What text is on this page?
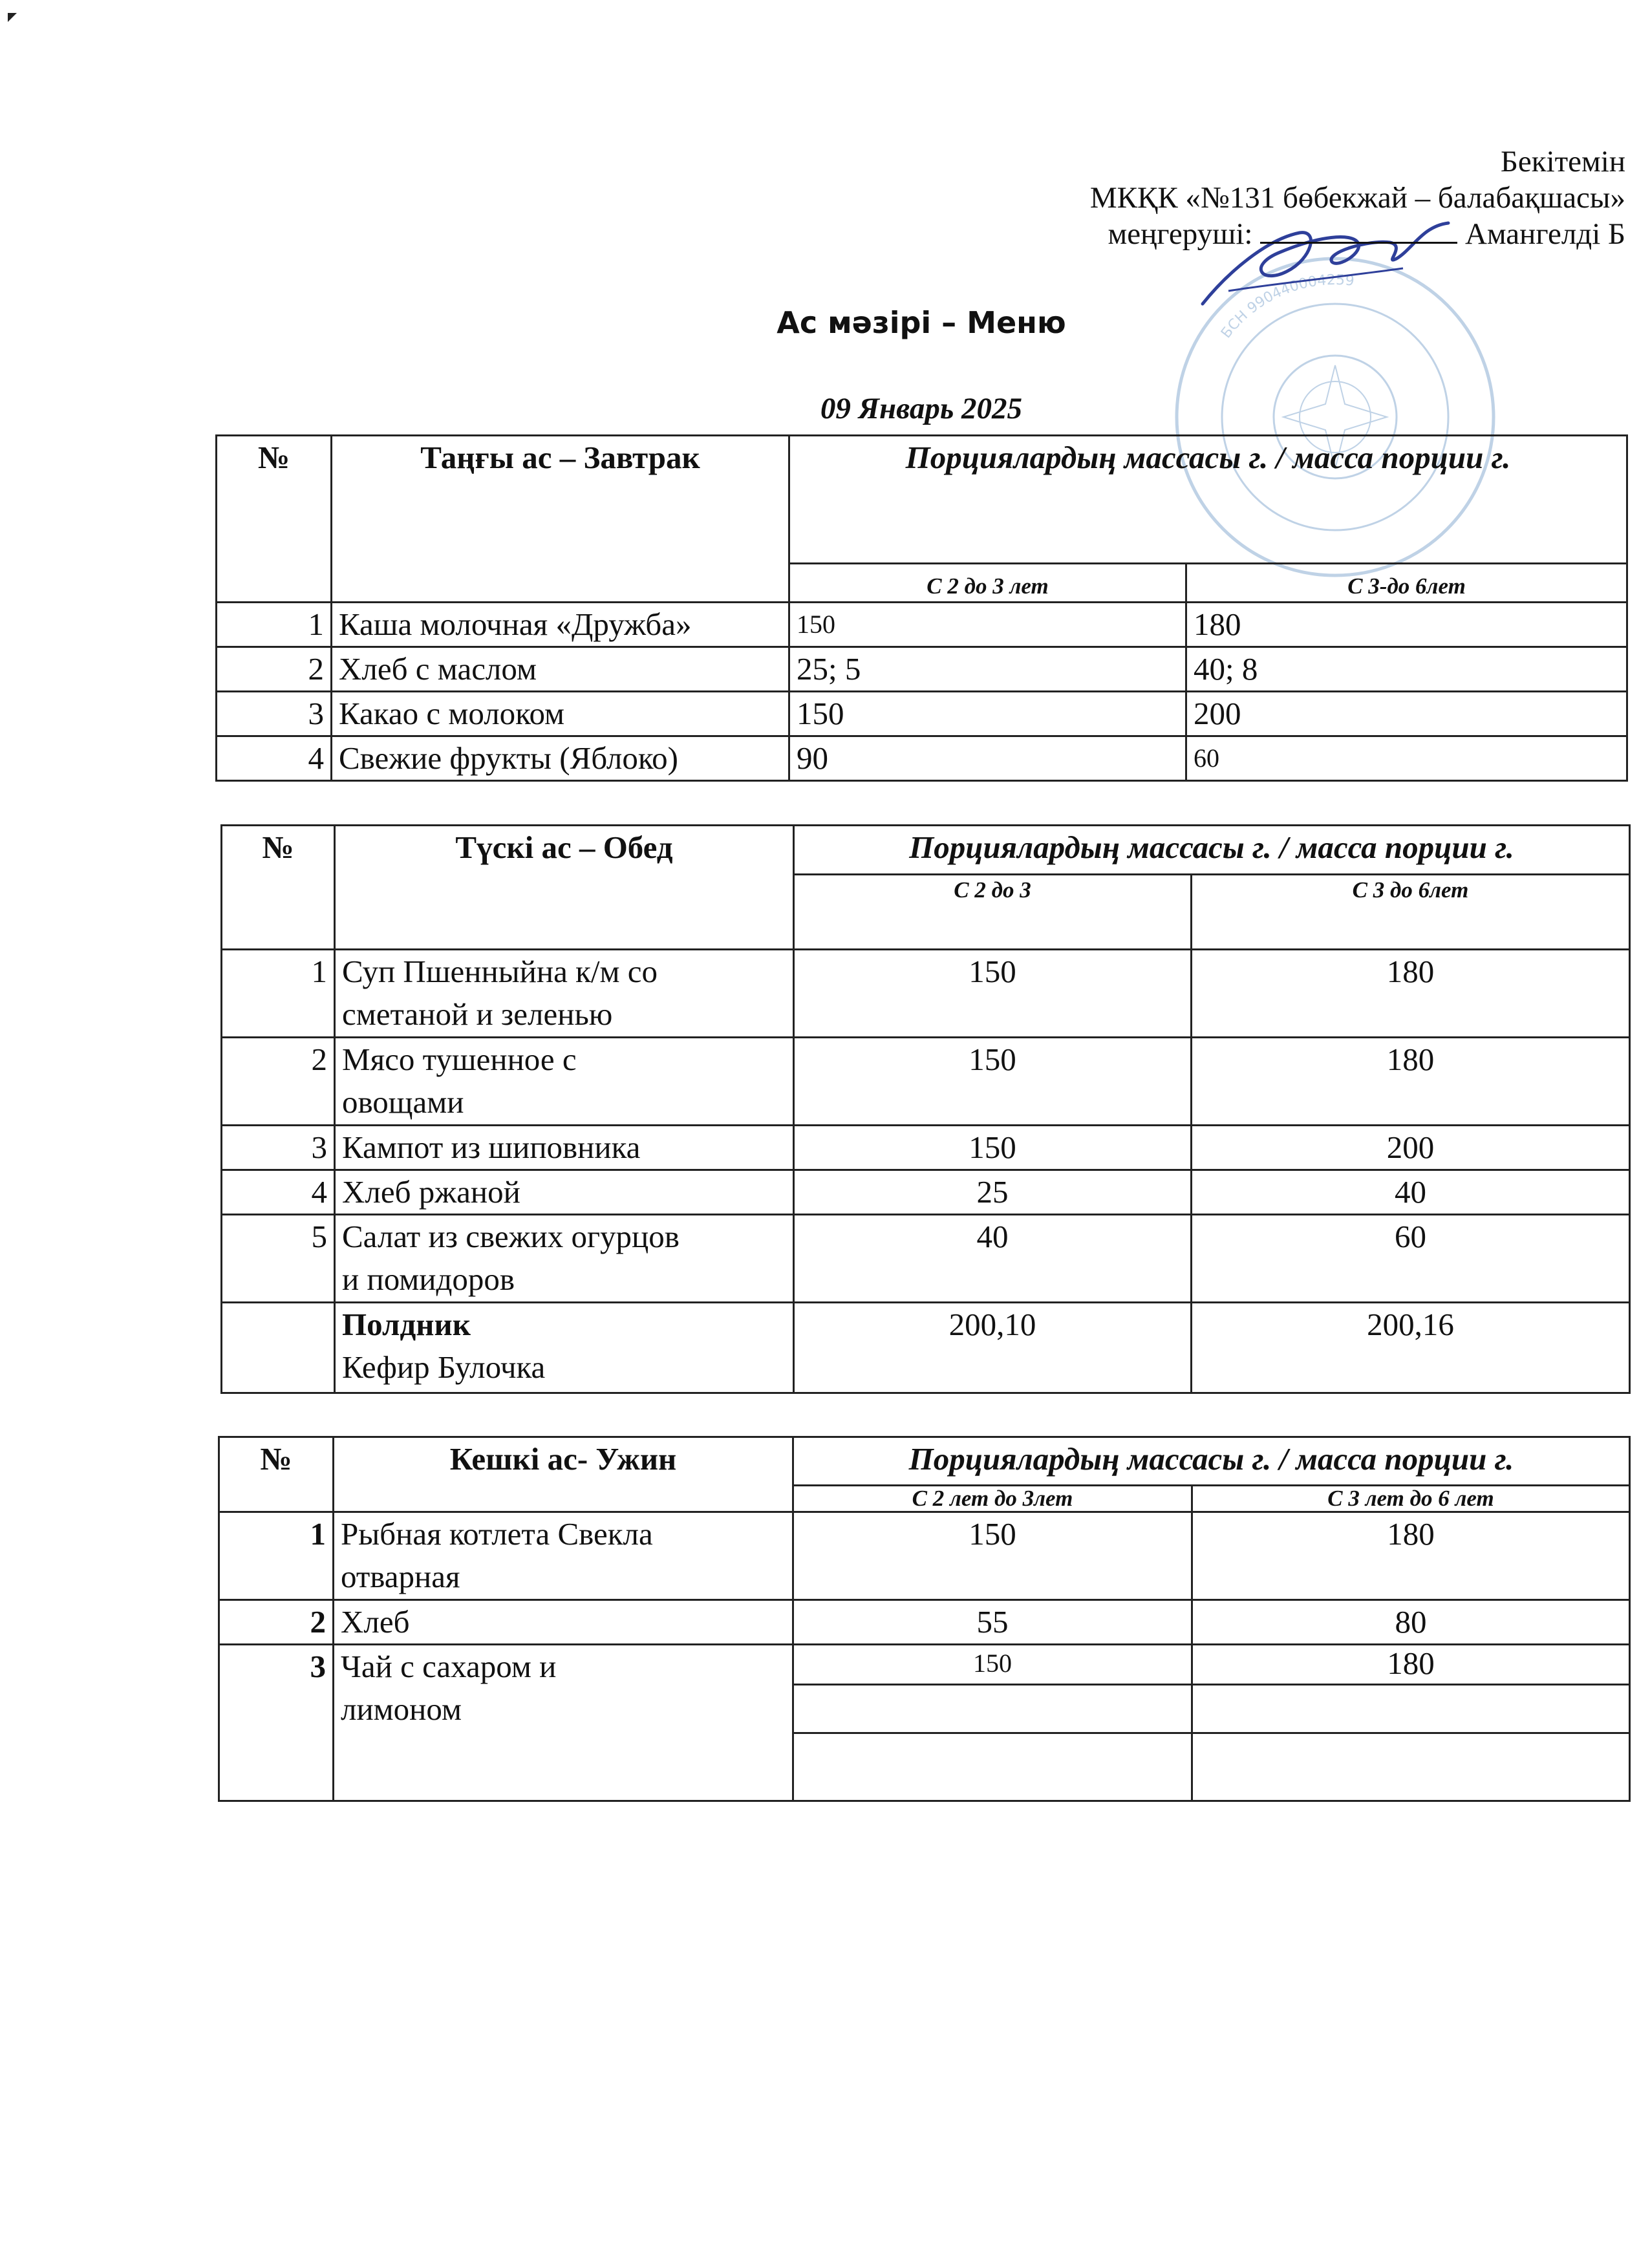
БСН 990440004259
Бекітемін
МКҚК «№131 бөбекжай – балабақшасы»
меңгеруші:	Амангелді Б
Ас мәзірі – Меню
09 Январь 2025
№	Таңғы ас – Завтрак	Порциялардың массасы г. / масса порции г.	
		С 2 до 3 лет	С 3-до 6лет
1	Каша молочная «Дружба»	150	180
2	Хлеб с маслом	25; 5	40; 8
3	Какао с молоком	150	200
4	Свежие фрукты (Яблоко)	90	60
№	Түскі ас – Обед	Порциялардың массасы г. / масса порции г.	
		С 2 до 3	С 3 до 6лет
1	Суп Пшенныйна к/м со
сметаной и зеленью	150	180
2	Мясо тушенное с
овощами	150	180
3	Кампот из шиповника	150	200
4	Хлеб ржаной	25	40
5	Салат из свежих огурцов
и помидоров	40	60

	Полдник
Кефир Булочка	200,10	200,16
№	Кешкі ас- Ужин	Порциялардың массасы г. / масса порции г.	
		С 2 лет до 3лет	С 3 лет до 6 лет
1	Рыбная котлета Свекла
отварная	150	180
2	Хлеб	55	80
3	Чай с сахаром и
лимоном	150	180
